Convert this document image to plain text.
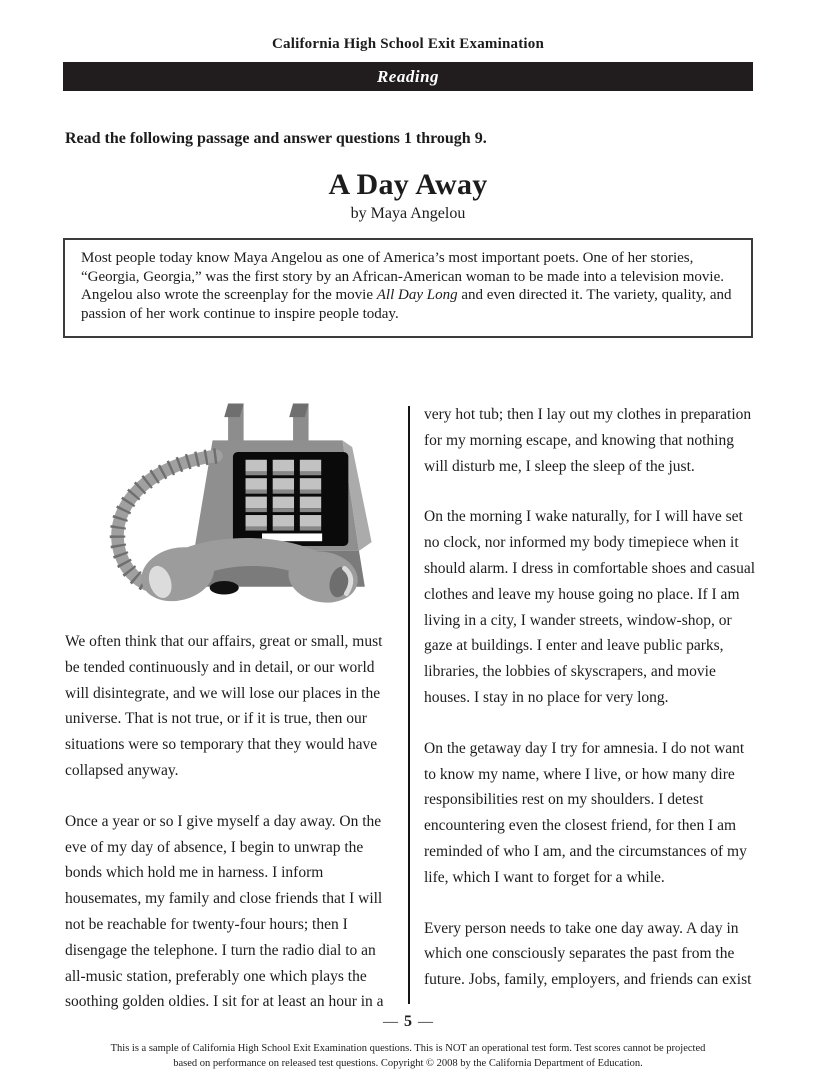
California High School Exit Examination
Reading
Read the following passage and answer questions 1 through 9.
A Day Away
by Maya Angelou
Most people today know Maya Angelou as one of America’s most important poets. One of her stories, “Georgia, Georgia,” was the first story by an African-American woman to be made into a television movie. Angelou also wrote the screenplay for the movie All Day Long and even directed it. The variety, quality, and passion of her work continue to inspire people today.

We often think that our affairs, great or small, must be tended continuously and in detail, or our world will disintegrate, and we will lose our places in the universe. That is not true, or if it is true, then our situations were so temporary that they would have collapsed anyway.

Once a year or so I give myself a day away. On the eve of my day of absence, I begin to unwrap the bonds which hold me in harness. I inform housemates, my family and close friends that I will not be reachable for twenty-four hours; then I disengage the telephone. I turn the radio dial to an all-music station, preferably one which plays the soothing golden oldies. I sit for at least an hour in a

very hot tub; then I lay out my clothes in preparation for my morning escape, and knowing that nothing will disturb me, I sleep the sleep of the just.

On the morning I wake naturally, for I will have set no clock, nor informed my body timepiece when it should alarm. I dress in comfortable shoes and casual clothes and leave my house going no place. If I am living in a city, I wander streets, window-shop, or gaze at buildings. I enter and leave public parks, libraries, the lobbies of skyscrapers, and movie houses. I stay in no place for very long.

On the getaway day I try for amnesia. I do not want to know my name, where I live, or how many dire responsibilities rest on my shoulders. I detest encountering even the closest friend, for then I am reminded of who I am, and the circumstances of my life, which I want to forget for a while.

Every person needs to take one day away. A day in which one consciously separates the past from the future. Jobs, family, employers, and friends can exist

— 5 —
This is a sample of California High School Exit Examination questions. This is NOT an operational test form. Test scores cannot be projected
based on performance on released test questions. Copyright © 2008 by the California Department of Education.
